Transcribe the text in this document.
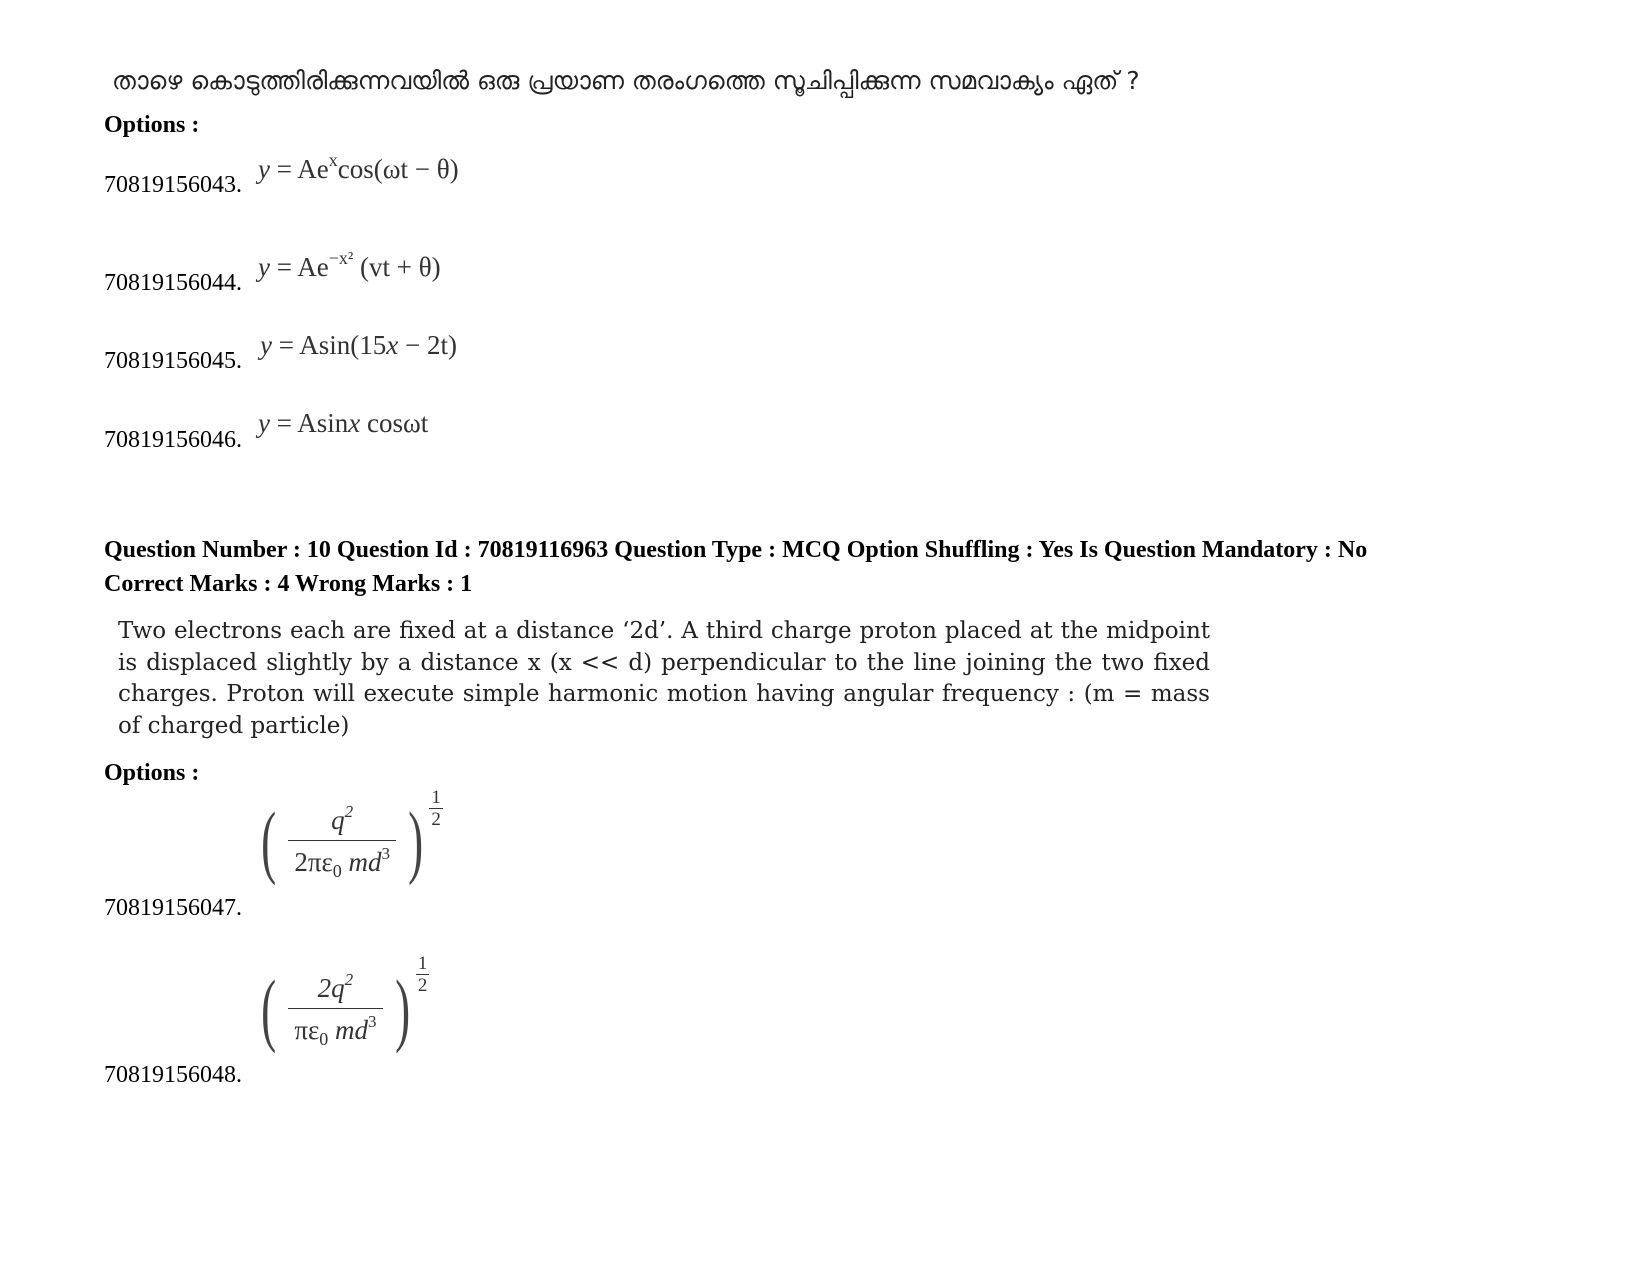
താഴെ കൊടുത്തിരിക്കുന്നവയിൽ ഒരു പ്രയാണ തരംഗത്തെ സൂചിപ്പിക്കുന്ന സമവാക്യം ഏത് ?
Options :
70819156043.
$y = Ae^x\cos(\omega t - \theta)$
70819156044.
$y = Ae^{-x^2}$ (vt + θ)
70819156045.
y = Asin(15x − 2t)
70819156046.
y = Asinx cosωt
Question Number : 10 Question Id : 70819116963 Question Type : MCQ Option Shuffling : Yes Is Question Mandatory : No
Correct Marks : 4 Wrong Marks : 1
Two electrons each are fixed at a distance ‘2d’. A third charge proton placed at the midpoint is displaced slightly by a distance x (x << d) perpendicular to the line joining the two fixed charges. Proton will execute simple harmonic motion having angular frequency : (m = mass of charged particle)
Options :
70819156047.
( $\frac{q^2}{2\pi\varepsilon_0 md^3}$ ) $\frac{1}{2}$
70819156048.
( $\frac{2q^2}{\pi\varepsilon_0 md^3}$ ) $\frac{1}{2}$
